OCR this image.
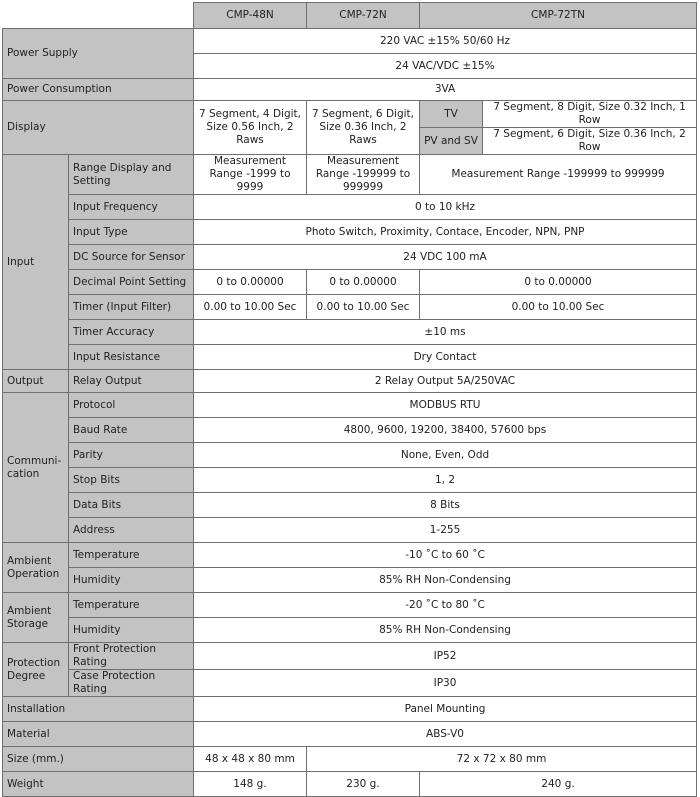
		CMP-48N	CMP-72N	CMP-72TN	
Power Supply		220 VAC ±15% 50/60 Hz			
		24 VAC/VDC ±15%			
Power Consumption		3VA			
Display		7 Segment, 4 Digit, Size 0.56 Inch, 2 Raws	7 Segment, 6 Digit, Size 0.36 Inch, 2 Raws	TV	7 Segment, 8 Digit, Size 0.32 Inch, 1 Row
				PV and SV	7 Segment, 6 Digit, Size 0.36 Inch, 2 Row
Input	Range Display and Setting	Measurement Range -1999 to 9999	Measurement Range -199999 to 999999	Measurement Range -199999 to 999999	
	Input Frequency	0 to 10 kHz			
	Input Type	Photo Switch, Proximity, Contace, Encoder, NPN, PNP			
	DC Source for Sensor	24 VDC 100 mA			
	Decimal Point Setting	0 to 0.00000	0 to 0.00000	0 to 0.00000	
	Timer (Input Filter)	0.00 to 10.00 Sec	0.00 to 10.00 Sec	0.00 to 10.00 Sec	
	Timer Accuracy	±10 ms			
	Input Resistance	Dry Contact			
Output	Relay Output	2 Relay Output 5A/250VAC			
Communi-cation	Protocol	MODBUS RTU			
	Baud Rate	4800, 9600, 19200, 38400, 57600 bps			
	Parity	None, Even, Odd			
	Stop Bits	1, 2			
	Data Bits	8 Bits			
	Address	1-255			
Ambient Operation	Temperature	-10 ˚C to 60 ˚C			
	Humidity	85% RH Non-Condensing			
Ambient Storage	Temperature	-20 ˚C to 80 ˚C			
	Humidity	85% RH Non-Condensing			
Protection Degree	Front Protection Rating	IP52			
	Case Protection Rating	IP30			
Installation		Panel Mounting			
Material		ABS-V0			
Size (mm.)		48 x 48 x 80 mm	72 x 72 x 80 mm		
Weight		148 g.	230 g.	240 g.	
